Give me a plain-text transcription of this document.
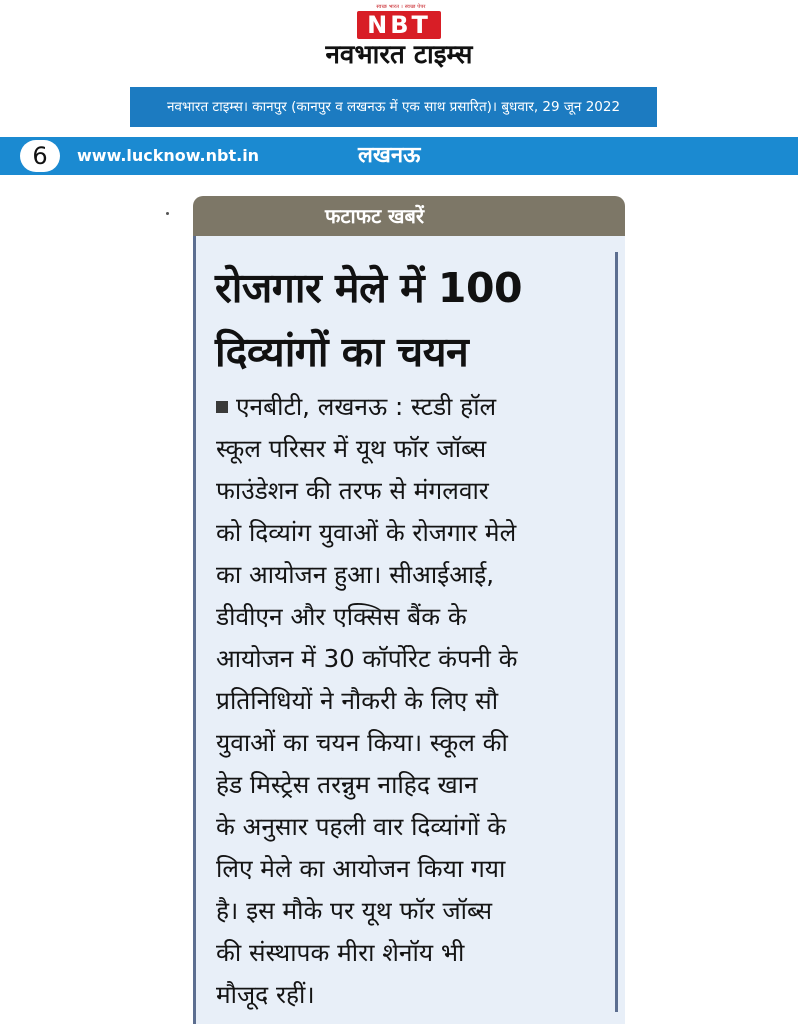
स्वच्छ भारत । स्वच्छ पेपर
NBT
नवभारत टाइम्स
नवभारत टाइम्स। कानपुर (कानपुर व लखनऊ में एक साथ प्रसारित)। बुधवार, 29 जून 2022
6	www.lucknow.nbt.in	लखनऊ
फटाफट खबरें
रोजगार मेले में 100
दिव्यांगों का चयन
एनबीटी, लखनऊ : स्टडी हॉल
स्कूल परिसर में यूथ फॉर जॉब्स
फाउंडेशन की तरफ से मंगलवार
को दिव्यांग युवाओं के रोजगार मेले
का आयोजन हुआ। सीआईआई,
डीवीएन और एक्सिस बैंक के
आयोजन में 30 कॉर्पोरेट कंपनी के
प्रतिनिधियों ने नौकरी के लिए सौ
युवाओं का चयन किया। स्कूल की
हेड मिस्ट्रेस तरन्नुम नाहिद खान
के अनुसार पहली वार दिव्यांगों के
लिए मेले का आयोजन किया गया
है। इस मौके पर यूथ फॉर जॉब्स
की संस्थापक मीरा शेनॉय भी
मौजूद रहीं।
